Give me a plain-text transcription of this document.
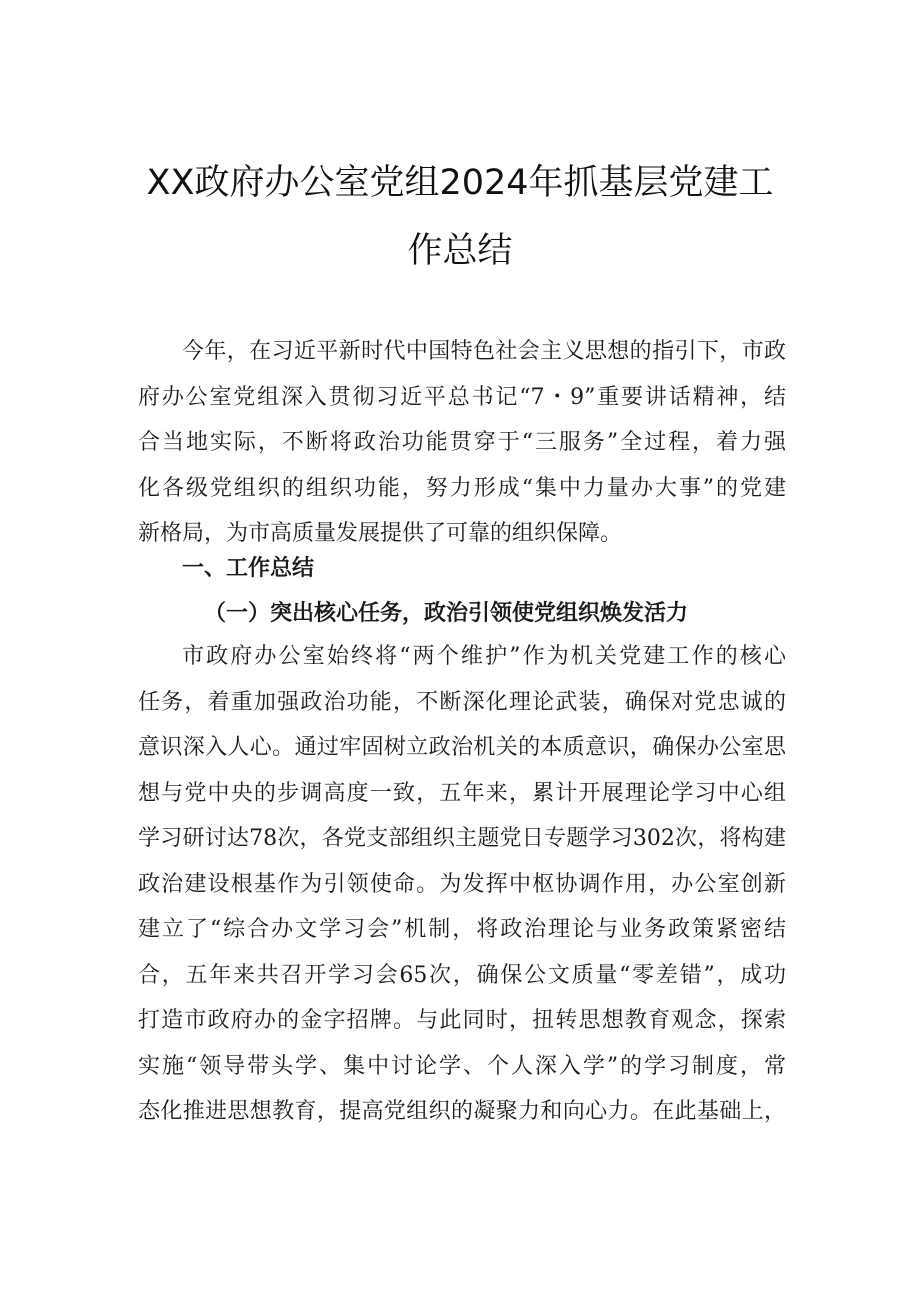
XX政府办公室党组2024年抓基层党建工
作总结
今年，在习近平新时代中国特色社会主义思想的指引下，市政
府办公室党组深入贯彻习近平总书记“7・9”重要讲话精神，结
合当地实际，不断将政治功能贯穿于“三服务”全过程，着力强
化各级党组织的组织功能，努力形成“集中力量办大事”的党建
新格局，为市高质量发展提供了可靠的组织保障。
一、工作总结
（一）突出核心任务，政治引领使党组织焕发活力
市政府办公室始终将“两个维护”作为机关党建工作的核心
任务，着重加强政治功能，不断深化理论武装，确保对党忠诚的
意识深入人心。通过牢固树立政治机关的本质意识，确保办公室思
想与党中央的步调高度一致，五年来，累计开展理论学习中心组
学习研讨达78次，各党支部组织主题党日专题学习302次，将构建
政治建设根基作为引领使命。为发挥中枢协调作用，办公室创新
建立了“综合办文学习会”机制，将政治理论与业务政策紧密结
合，五年来共召开学习会65次，确保公文质量“零差错”，成功
打造市政府办的金字招牌。与此同时，扭转思想教育观念，探索
实施“领导带头学、集中讨论学、个人深入学”的学习制度，常
态化推进思想教育，提高党组织的凝聚力和向心力。在此基础上，
